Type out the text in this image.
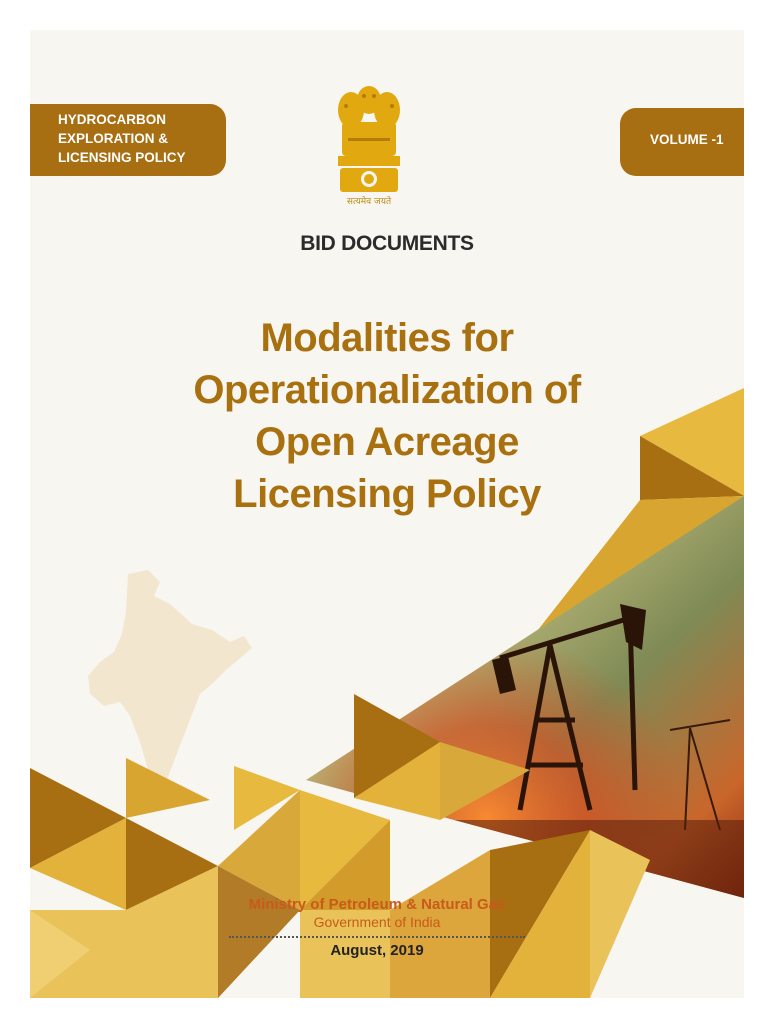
HYDROCARBON
EXPLORATION &
LICENSING POLICY
VOLUME -1
सत्यमेव जयते
BID DOCUMENTS
Modalities for
Operationalization of
Open Acreage
Licensing Policy
Ministry of Petroleum & Natural Gas
Government of India
August, 2019
